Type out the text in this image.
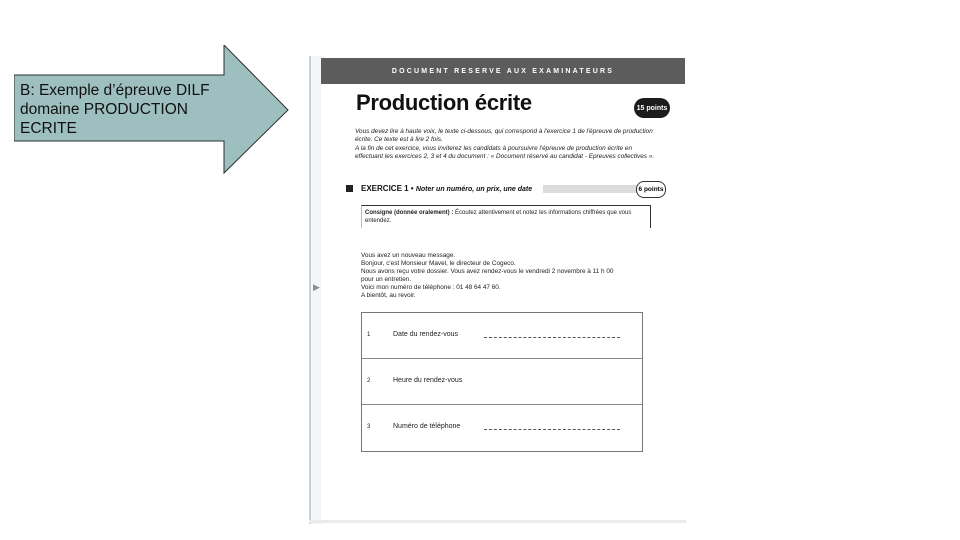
B: Exemple d’épreuve DILF
domaine PRODUCTION
ECRITE
▶
DOCUMENT RESERVE AUX EXAMINATEURS
Production écrite	15 points
Vous devez lire à haute voix, le texte ci-dessous, qui correspond à l'exercice 1 de l'épreuve de production écrite. Ce texte est à lire 2 fois.
A la fin de cet exercice, vous inviterez les candidats à poursuivre l'épreuve de production écrite en effectuant les exercices 2, 3 et 4 du document : « Document réservé au candidat - Epreuves collectives ».
EXERCICE 1 • Noter un numéro, un prix, une date	6 points
Consigne (donnée oralement) : Écoutez attentivement et notez les informations chiffrées que vous entendez.
Vous avez un nouveau message.
Bonjour, c'est Monsieur Mavel, le directeur de Cogeco.
Nous avons reçu votre dossier. Vous avez rendez-vous le vendredi 2 novembre à 11 h 00
pour un entretien.
Voici mon numéro de téléphone : 01 48 64 47 60.
A bientôt, au revoir.
1	Date du rendez-vous
2	Heure du rendez-vous
3	Numéro de téléphone
